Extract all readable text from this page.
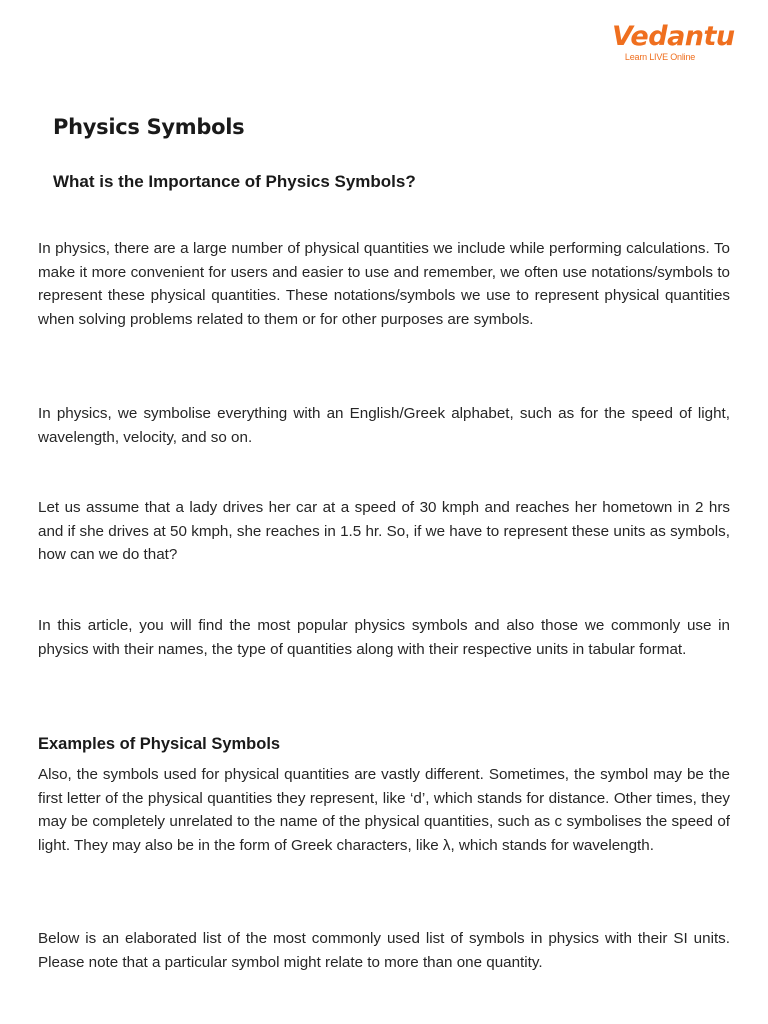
Vedantu
Learn LIVE Online
Physics Symbols
What is the Importance of Physics Symbols?

In physics, there are a large number of physical quantities we include while performing calculations. To make it more convenient for users and easier to use and remember, we often use notations/symbols to represent these physical quantities. These notations/symbols we use to represent physical quantities when solving problems related to them or for other purposes are symbols.

In physics, we symbolise everything with an English/Greek alphabet, such as for the speed of light, wavelength, velocity, and so on.

Let us assume that a lady drives her car at a speed of 30 kmph and reaches her hometown in 2 hrs and if she drives at 50 kmph, she reaches in 1.5 hr. So, if we have to represent these units as symbols, how can we do that?

In this article, you will find the most popular physics symbols and also those we commonly use in physics with their names, the type of quantities along with their respective units in tabular format.

Examples of Physical Symbols

Also, the symbols used for physical quantities are vastly different. Sometimes, the symbol may be the first letter of the physical quantities they represent, like ‘d’, which stands for distance. Other times, they may be completely unrelated to the name of the physical quantities, such as c symbolises the speed of light. They may also be in the form of Greek characters, like λ, which stands for wavelength.

Below is an elaborated list of the most commonly used list of symbols in physics with their SI units. Please note that a particular symbol might relate to more than one quantity.
